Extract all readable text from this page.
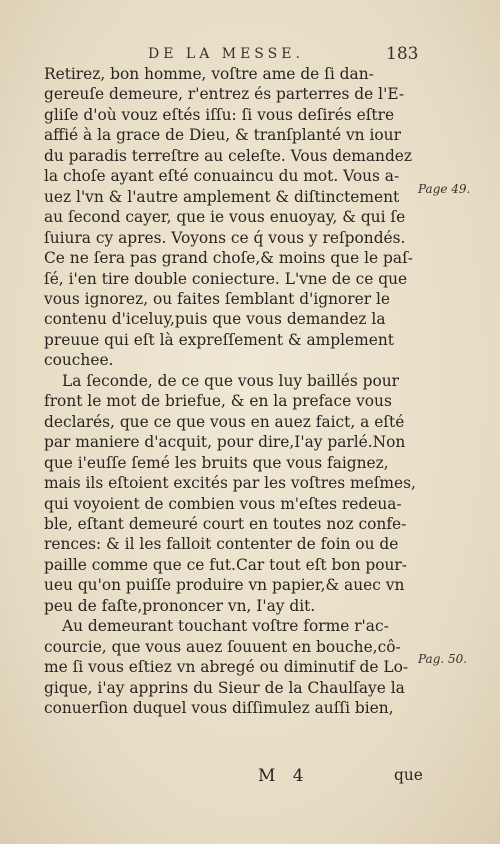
DE LA MESSE.	183
Page 49.
Pag. 50.
Retirez, bon homme, voſtre ame de ſi dan-
gereuſe demeure, r'entrez és parterres de l'E-
gliſe d'où vouz eſtés iſſu: ſi vous deſirés eſtre
affié à la grace de Dieu, & tranſplanté vn iour
du paradis terreſtre au celeſte. Vous demandez
la choſe ayant eſté conuaincu du mot. Vous a-
uez l'vn & l'autre amplement & diſtinctement
au ſecond cayer, que ie vous enuoyay, & qui ſe
ſuiura cy apres. Voyons ce q́ vous y reſpondés.
Ce ne ſera pas grand choſe,& moins que le paſ-
ſé, i'en tire double coniecture. L'vne de ce que
vous ignorez, ou faites ſemblant d'ignorer le
contenu d'iceluy,puis que vous demandez la
preuue qui eſt là expreſſement & amplement
couchee.
La ſeconde, de ce que vous luy baillés pour
front le mot de briefue, & en la preface vous
declarés, que ce que vous en auez faict, a eſté
par maniere d'acquit, pour dire,I'ay parlé.Non
que i'euſſe ſemé les bruits que vous faignez,
mais ils eſtoient excités par les voſtres meſmes,
qui voyoient de combien vous m'eſtes redeua-
ble, eſtant demeuré court en toutes noz confe-
rences: & il les falloit contenter de foin ou de
paille comme que ce fut.Car tout eſt bon pour-
ueu qu'on puiſſe produire vn papier,& auec vn
peu de faſte,prononcer vn, I'ay dit.
Au demeurant touchant voſtre forme r'ac-
courcie, que vous auez ſouuent en bouche,cô-
me ſi vous eſtiez vn abregé ou diminutif de Lo-
gique, i'ay apprins du Sieur de la Chaulſaye la
conuerſion duquel vous diſſimulez auſſi bien,
M 4	que
